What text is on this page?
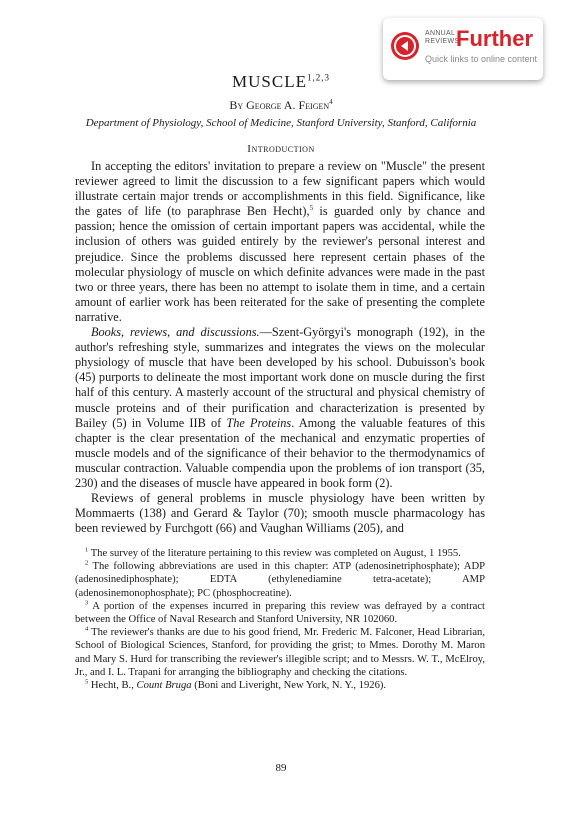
ANNUAL
REVIEWS
Further
Quick links to online content
MUSCLE$^{1,2,3}$
By George A. Feigen$^4$
Department of Physiology, School of Medicine, Stanford University, Stanford, California
Introduction

In accepting the editors' invitation to prepare a review on "Muscle" the present reviewer agreed to limit the discussion to a few significant papers which would illustrate certain major trends or accomplishments in this field. Significance, like the gates of life (to paraphrase Ben Hecht),$^5$ is guarded only by chance and passion; hence the omission of certain important papers was accidental, while the inclusion of others was guided entirely by the reviewer's personal interest and prejudice. Since the problems discussed here represent certain phases of the molecular physiology of muscle on which definite advances were made in the past two or three years, there has been no attempt to isolate them in time, and a certain amount of earlier work has been reiterated for the sake of presenting the complete narrative.

Books, reviews, and discussions.—Szent-Györgyi's monograph (192), in the author's refreshing style, summarizes and integrates the views on the molecular physiology of muscle that have been developed by his school. Dubuisson's book (45) purports to delineate the most important work done on muscle during the first half of this century. A masterly account of the structural and physical chemistry of muscle proteins and of their purification and characterization is presented by Bailey (5) in Volume IIB of The Proteins. Among the valuable features of this chapter is the clear presentation of the mechanical and enzymatic properties of muscle models and of the significance of their behavior to the thermodynamics of muscular contraction. Valuable compendia upon the problems of ion transport (35, 230) and the diseases of muscle have appeared in book form (2).

Reviews of general problems in muscle physiology have been written by Mommaerts (138) and Gerard & Taylor (70); smooth muscle pharmacology has been reviewed by Furchgott (66) and Vaughan Williams (205), and

$^1$ The survey of the literature pertaining to this review was completed on August, 1 1955.

$^2$ The following abbreviations are used in this chapter: ATP (adenosinetriphosphate); ADP (adenosinediphosphate); EDTA (ethylenediamine tetra-acetate); AMP (adenosinemonophosphate); PC (phosphocreatine).

$^3$ A portion of the expenses incurred in preparing this review was defrayed by a contract between the Office of Naval Research and Stanford University, NR 102060.

$^4$ The reviewer's thanks are due to his good friend, Mr. Frederic M. Falconer, Head Librarian, School of Biological Sciences, Stanford, for providing the grist; to Mmes. Dorothy M. Maron and Mary S. Hurd for transcribing the reviewer's illegible script; and to Messrs. W. T., McElroy, Jr., and I. L. Trapani for arranging the bibliography and checking the citations.

$^5$ Hecht, B., Count Bruga (Boni and Liveright, New York, N. Y., 1926).

89
